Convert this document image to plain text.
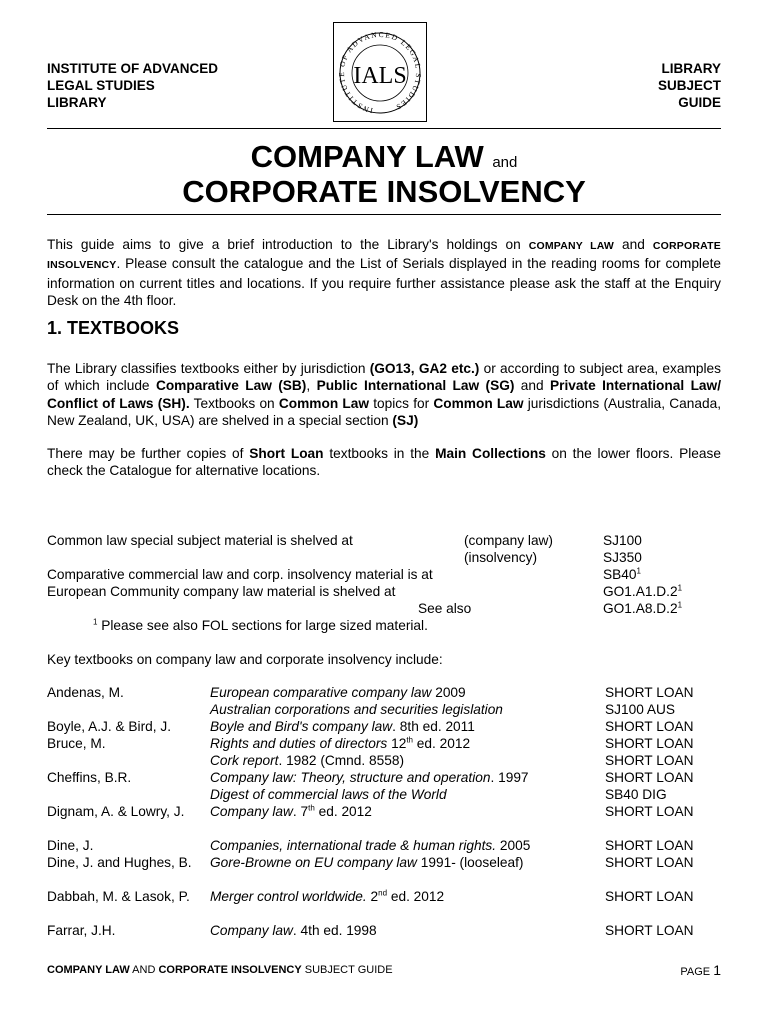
INSTITUTE OF ADVANCED
LEGAL STUDIES
LIBRARY
INSTITUTE OF ADVANCED LEGAL STUDIES
IALS	LIBRARY
SUBJECT
GUIDE
COMPANY LAW and
CORPORATE INSOLVENCY
This guide aims to give a brief introduction to the Library's holdings on COMPANY LAW and CORPORATE INSOLVENCY. Please consult the catalogue and the List of Serials displayed in the reading rooms for complete information on current titles and locations. If you require further assistance please ask the staff at the Enquiry Desk on the 4th floor.
1. TEXTBOOKS
The Library classifies textbooks either by jurisdiction (GO13, GA2 etc.) or according to subject area, examples of which include Comparative Law (SB), Public International Law (SG) and Private International Law/ Conflict of Laws (SH). Textbooks on Common Law topics for Common Law jurisdictions (Australia, Canada, New Zealand, UK, USA) are shelved in a special section (SJ)
There may be further copies of Short Loan textbooks in the Main Collections on the lower floors. Please check the Catalogue for alternative locations.
Common law special subject material is shelved at	(company law)	SJ100
(insolvency)	SJ350
Comparative commercial law and corp. insolvency material is at	$SB40^1$
European Community company law material is shelved at	$GO1.A1.D.2^1$
See also	$GO1.A8.D.2^1$
$^1$ Please see also FOL sections for large sized material.
Key textbooks on company law and corporate insolvency include:
Andenas, M.	European comparative company law 2009	SHORT LOAN
Australian corporations and securities legislation	SJ100 AUS
Boyle, A.J. & Bird, J.	Boyle and Bird's company law. 8th ed. 2011	SHORT LOAN
Bruce, M.	Rights and duties of directors 12th ed. 2012	SHORT LOAN
Cork report. 1982 (Cmnd. 8558)	SHORT LOAN
Cheffins, B.R.	Company law: Theory, structure and operation. 1997	SHORT LOAN
Digest of commercial laws of the World	SB40 DIG
Dignam, A. & Lowry, J.	Company law. 7th ed. 2012	SHORT LOAN
Dine, J.	Companies, international trade & human rights. 2005	SHORT LOAN
Dine, J. and Hughes, B.	Gore-Browne on EU company law 1991- (looseleaf)	SHORT LOAN
Dabbah, M. & Lasok, P.	Merger control worldwide. 2nd ed. 2012	SHORT LOAN
Farrar, J.H.	Company law. 4th ed. 1998	SHORT LOAN
COMPANY LAW AND CORPORATE INSOLVENCY SUBJECT GUIDE	PAGE 1
